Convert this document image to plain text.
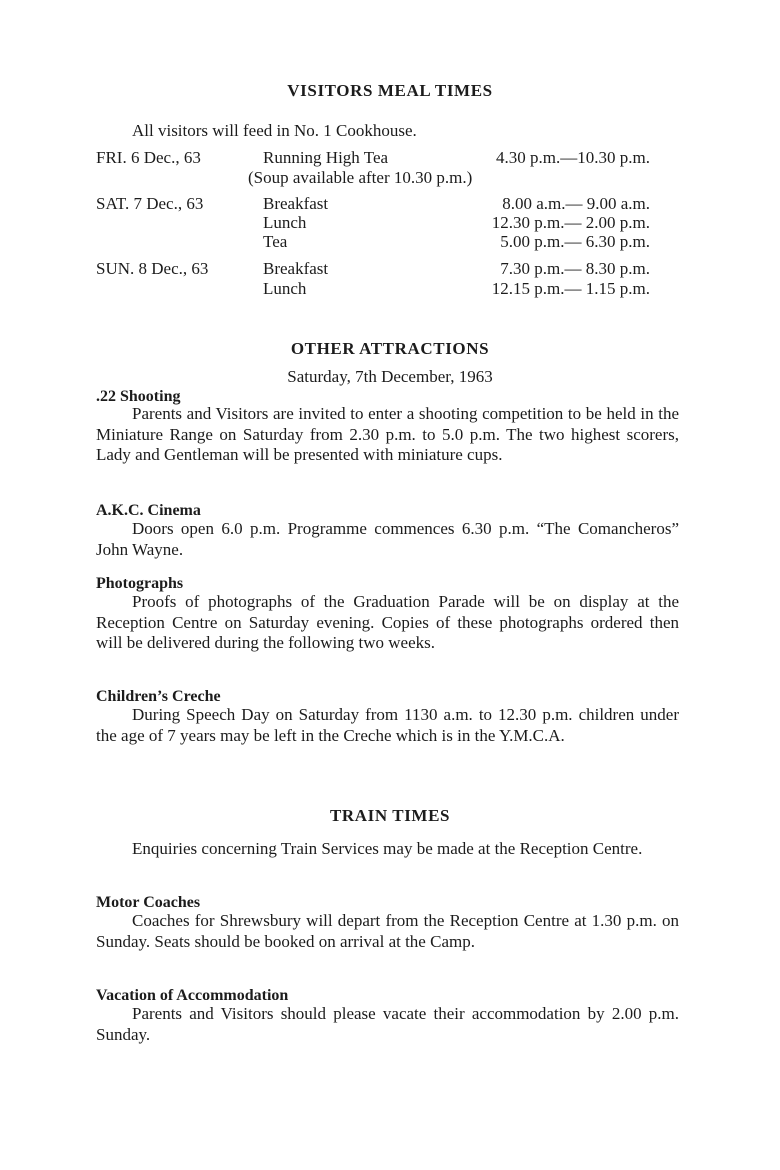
VISITORS MEAL TIMES
All visitors will feed in No. 1 Cookhouse.
FRI. 6 Dec., 63	Running High Tea	4.30 p.m.—10.30 p.m.
(Soup available after 10.30 p.m.)
SAT. 7 Dec., 63	Breakfast	8.00 a.m.— 9.00 a.m.
Lunch	12.30 p.m.— 2.00 p.m.
Tea	5.00 p.m.— 6.30 p.m.
SUN. 8 Dec., 63	Breakfast	7.30 p.m.— 8.30 p.m.
Lunch	12.15 p.m.— 1.15 p.m.
OTHER ATTRACTIONS
Saturday, 7th December, 1963
.22 Shooting
Parents and Visitors are invited to enter a shooting competition to be held in the Miniature Range on Saturday from 2.30 p.m. to 5.0 p.m. The two highest scorers, Lady and Gentleman will be presented with miniature cups.
A.K.C. Cinema
Doors open 6.0 p.m. Programme commences 6.30 p.m. “The Comancheros” John Wayne.
Photographs
Proofs of photographs of the Graduation Parade will be on display at the Reception Centre on Saturday evening. Copies of these photographs ordered then will be delivered during the following two weeks.
Children’s Creche
During Speech Day on Saturday from 1130 a.m. to 12.30 p.m. children under the age of 7 years may be left in the Creche which is in the Y.M.C.A.
TRAIN TIMES
Enquiries concerning Train Services may be made at the Reception Centre.
Motor Coaches
Coaches for Shrewsbury will depart from the Reception Centre at 1.30 p.m. on Sunday. Seats should be booked on arrival at the Camp.
Vacation of Accommodation
Parents and Visitors should please vacate their accommodation by 2.00 p.m. Sunday.
